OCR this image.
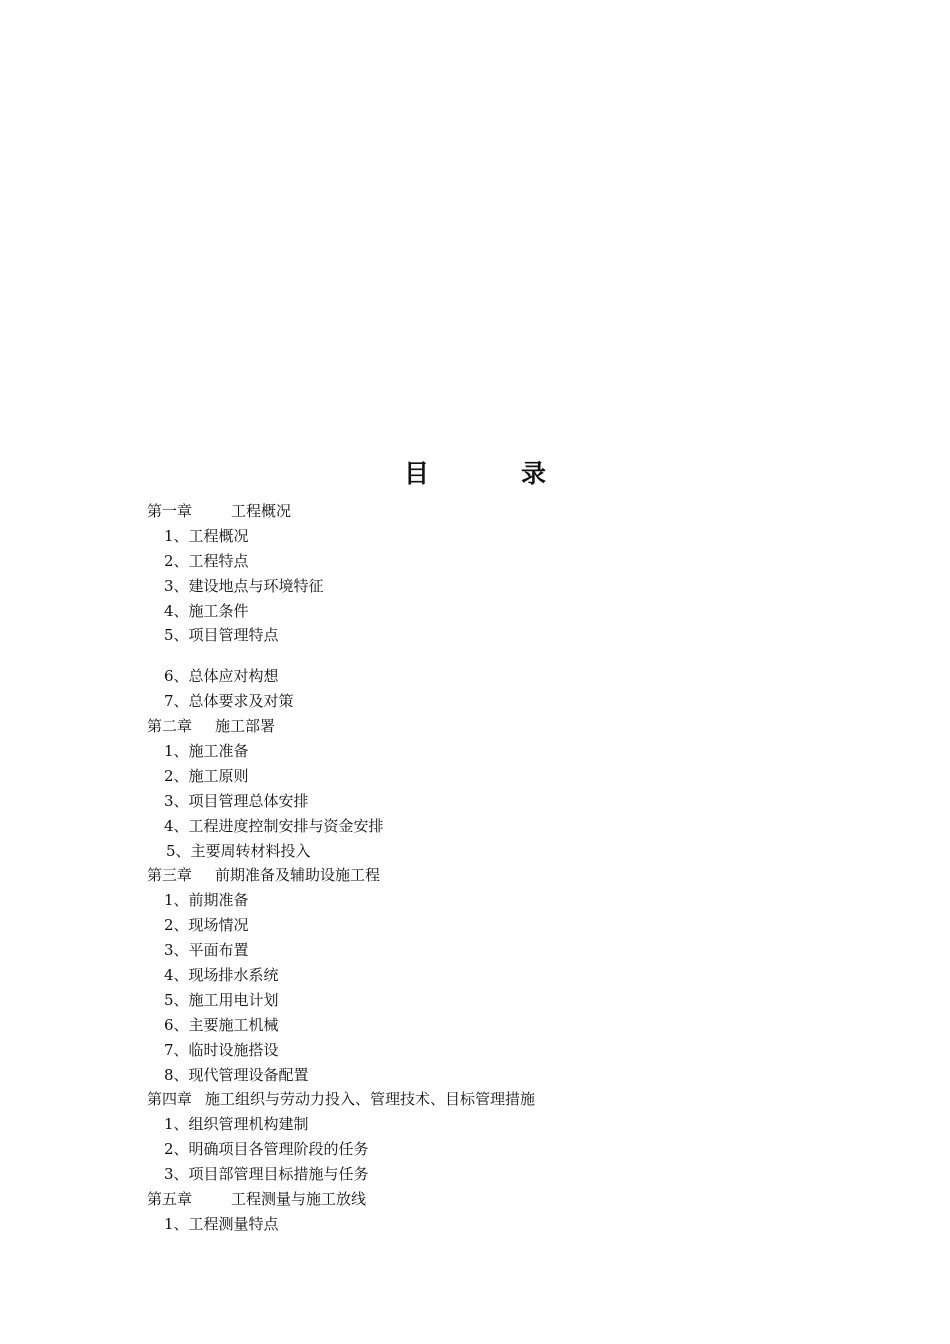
目	录
第一章	工程概况
1、工程概况
2、工程特点
3、建设地点与环境特征
4、施工条件
5、项目管理特点
6、总体应对构想
7、总体要求及对策
第二章 施工部署
1、施工准备
2、施工原则
3、项目管理总体安排
4、工程进度控制安排与资金安排
5、主要周转材料投入
第三章 前期准备及辅助设施工程
1、前期准备
2、现场情况
3、平面布置
4、现场排水系统
5、施工用电计划
6、主要施工机械
7、临时设施搭设
8、现代管理设备配置
第四章 施工组织与劳动力投入、管理技术、目标管理措施
1、组织管理机构建制
2、明确项目各管理阶段的任务
3、项目部管理目标措施与任务
第五章	工程测量与施工放线
1、工程测量特点
